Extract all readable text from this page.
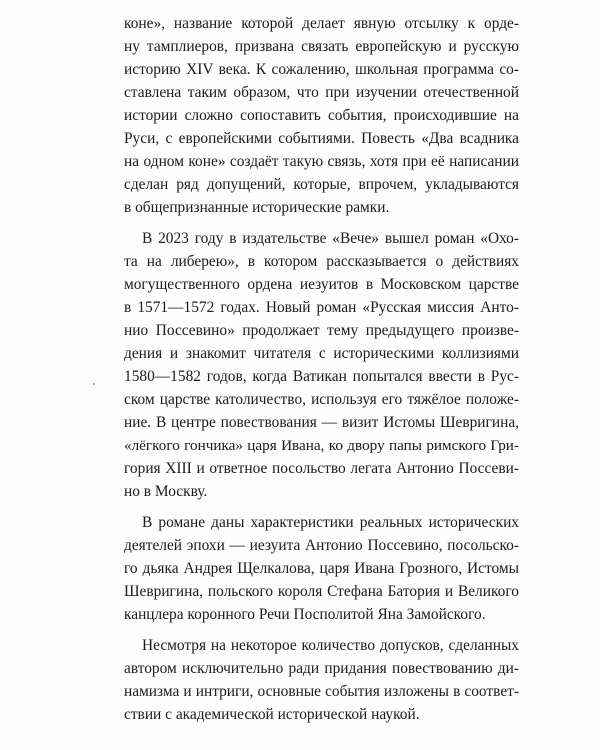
коне», название которой делает явную отсылку к орде-
ну тамплиеров, призвана связать европейскую и русскую
историю XIV века. К сожалению, школьная программа со-
ставлена таким образом, что при изучении отечественной
истории сложно сопоставить события, происходившие на
Руси, с европейскими событиями. Повесть «Два всадника
на одном коне» создаёт такую связь, хотя при её написании
сделан ряд допущений, которые, впрочем, укладываются
в общепризнанные исторические рамки.
В 2023 году в издательстве «Вече» вышел роман «Охо-
та на либерею», в котором рассказывается о действиях
могущественного ордена иезуитов в Московском царстве
в 1571—1572 годах. Новый роман «Русская миссия Анто-
нио Поссевино» продолжает тему предыдущего произве-
дения и знакомит читателя с историческими коллизиями
1580—1582 годов, когда Ватикан попытался ввести в Рус-
ском царстве католичество, используя его тяжёлое положе-
ние. В центре повествования — визит Истомы Шевригина,
«лёгкого гончика» царя Ивана, ко двору папы римского Гри-
гория XIII и ответное посольство легата Антонио Поссеви-
но в Москву.
В романе даны характеристики реальных исторических
деятелей эпохи — иезуита Антонио Поссевино, посольско-
го дьяка Андрея Щелкалова, царя Ивана Грозного, Истомы
Шевригина, польского короля Стефана Батория и Великого
канцлера коронного Речи Посполитой Яна Замойского.
Несмотря на некоторое количество допусков, сделанных
автором исключительно ради придания повествованию ди-
намизма и интриги, основные события изложены в соответ-
ствии с академической исторической наукой.
